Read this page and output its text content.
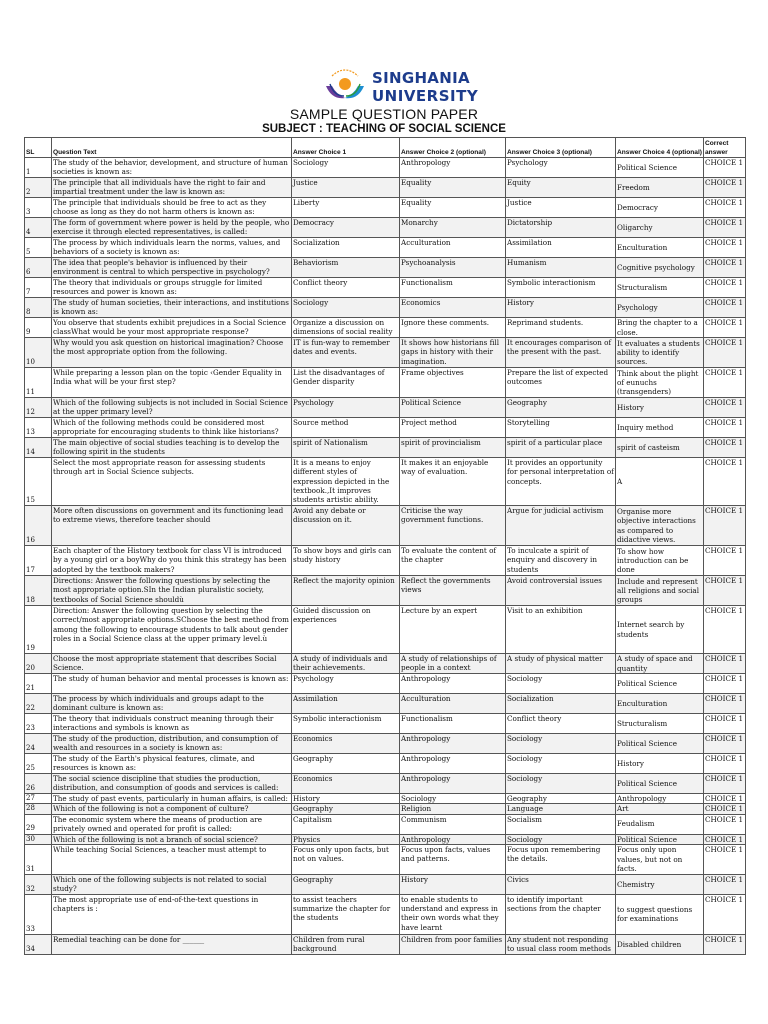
SINGHANIA
UNIVERSITY
SAMPLE QUESTION PAPER
SUBJECT : TEACHING OF SOCIAL SCIENCE
SL	Question Text	Answer Choice 1	Answer Choice 2 (optional)	Answer Choice 3 (optional)	Answer Choice 4 (optional)	Correct answer
1	The study of the behavior, development, and structure of human societies is known as:	Sociology	Anthropology	Psychology	Political Science	CHOICE 1
2	The principle that all individuals have the right to fair and impartial treatment under the law is known as:	Justice	Equality	Equity	Freedom	CHOICE 1
3	The principle that individuals should be free to act as they choose as long as they do not harm others is known as:	Liberty	Equality	Justice	Democracy	CHOICE 1
4	The form of government where power is held by the people, who exercise it through elected representatives, is called:	Democracy	Monarchy	Dictatorship	Oligarchy	CHOICE 1
5	The process by which individuals learn the norms, values, and behaviors of a society is known as:	Socialization	Acculturation	Assimilation	Enculturation	CHOICE 1
6	The idea that people's behavior is influenced by their environment is central to which perspective in psychology?	Behaviorism	Psychoanalysis	Humanism	Cognitive psychology	CHOICE 1
7	The theory that individuals or groups struggle for limited resources and power is known as:	Conflict theory	Functionalism	Symbolic interactionism	Structuralism	CHOICE 1
8	The study of human societies, their interactions, and institutions is known as:	Sociology	Economics	History	Psychology	CHOICE 1
9	You observe that students exhibit prejudices in a Social Science classWhat would be your most appropriate response?	Organize a discussion on dimensions of social reality	Ignore these comments.	Reprimand students.	Bring the chapter to a close.	CHOICE 1
10	Why would you ask question on historical imagination? Choose the most appropriate option from the following.	IT is fun-way to remember dates and events.	It shows how historians fill gaps in history with their imagination.	It encourages comparison of the present with the past.	It evaluates a students ability to identify sources.	CHOICE 1
11	While preparing a lesson plan on the topic ‹Gender Equality in India what will be your first step?	List the disadvantages of Gender disparity	Frame objectives	Prepare the list of expected outcomes	Think about the plight of eunuchs (transgenders)	CHOICE 1
12	Which of the following subjects is not included in Social Science at the upper primary level?	Psychology	Political Science	Geography	History	CHOICE 1
13	Which of the following methods could be considered most appropriate for encouraging students to think like historians?	Source method	Project method	Storytelling	Inquiry method	CHOICE 1
14	The main objective of social studies teaching is to develop the following spirit in the students	spirit of Nationalism	spirit of provincialism	spirit of a particular place	spirit of casteism	CHOICE 1
15	Select the most appropriate reason for assessing students through art in Social Science subjects.	It is a means to enjoy different styles of expression depicted in the textbook.,It improves students artistic ability.	It makes it an enjoyable way of evaluation.	It provides an opportunity for personal interpretation of concepts.	A	CHOICE 1
16	More often discussions on government and its functioning lead to extreme views, therefore teacher should	Avoid any debate or discussion on it.	Criticise the way government functions.	Argue for judicial activism	Organise more objective interactions as compared to didactive views.	CHOICE 1
17	Each chapter of the History textbook for class VI is introduced by a young girl or a boyWhy do you think this strategy has been adopted by the textbook makers?	To show boys and girls can study history	To evaluate the content of the chapter	To inculcate a spirit of enquiry and discovery in students	To show how introduction can be done	CHOICE 1
18	Directions: Answer the following questions by selecting the most appropriate option.SIn the Indian pluralistic society, textbooks of Social Science shouldù	Reflect the majority opinion	Reflect the governments views	Avoid controversial issues	Include and represent all religions and social groups	CHOICE 1
19	Direction: Answer the following question by selecting the correct/most appropriate options.SChoose the best method from among the following to encourage students to talk about gender roles in a Social Science class at the upper primary level.ù	Guided discussion on experiences	Lecture by an expert	Visit to an exhibition	Internet search by students	CHOICE 1
20	Choose the most appropriate statement that describes Social Science.	A study of individuals and their achievements.	A study of relationships of people in a context	A study of physical matter	A study of space and quantity	CHOICE 1
21	The study of human behavior and mental processes is known as:	Psychology	Anthropology	Sociology	Political Science	CHOICE 1
22	The process by which individuals and groups adapt to the dominant culture is known as:	Assimilation	Acculturation	Socialization	Enculturation	CHOICE 1
23	The theory that individuals construct meaning through their interactions and symbols is known as	Symbolic interactionism	Functionalism	Conflict theory	Structuralism	CHOICE 1
24	The study of the production, distribution, and consumption of wealth and resources in a society is known as:	Economics	Anthropology	Sociology	Political Science	CHOICE 1
25	The study of the Earth's physical features, climate, and resources is known as:	Geography	Anthropology	Sociology	History	CHOICE 1
26	The social science discipline that studies the production, distribution, and consumption of goods and services is called:	Economics	Anthropology	Sociology	Political Science	CHOICE 1
27	The study of past events, particularly in human affairs, is called:	History	Sociology	Geography	Anthropology	CHOICE 1
28	Which of the following is not a component of culture?	Geography	Religion	Language	Art	CHOICE 1
29	The economic system where the means of production are privately owned and operated for profit is called:	Capitalism	Communism	Socialism	Feudalism	CHOICE 1
30	Which of the following is not a branch of social science?	Physics	Anthropology	Sociology	Political Science	CHOICE 1
31	While teaching Social Sciences, a teacher must attempt to	Focus only upon facts, but not on values.	Focus upon facts, values and patterns.	Focus upon remembering the details.	Focus only upon values, but not on facts.	CHOICE 1
32	Which one of the following subjects is not related to social study?	Geography	History	Civics	Chemistry	CHOICE 1
33	The most appropriate use of end-of-the-text questions in chapters is :	to assist teachers summarize the chapter for the students	to enable students to understand and express in their own words what they have learnt	to identify important sections from the chapter	to suggest questions for examinations	CHOICE 1
34	Remedial teaching can be done for ______	Children from rural background	Children from poor families	Any student not responding to usual class room methods	Disabled children	CHOICE 1
